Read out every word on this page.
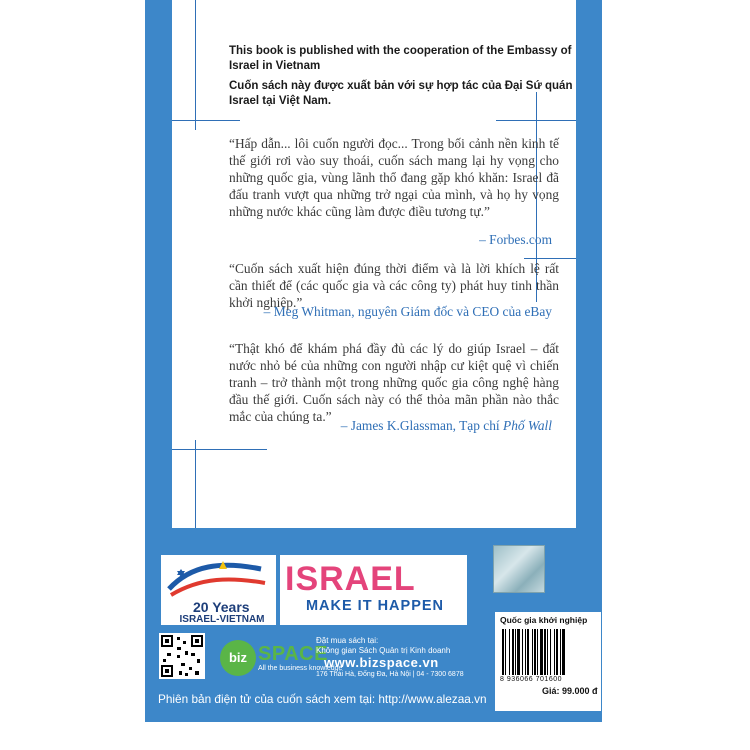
This book is published with the cooperation of the Embassy of Israel in Vietnam
Cuốn sách này được xuất bản với sự hợp tác của Đại Sứ quán Israel tại Việt Nam.

“Hấp dẫn... lôi cuốn người đọc... Trong bối cảnh nền kinh tế thế giới rơi vào suy thoái, cuốn sách mang lại hy vọng cho những quốc gia, vùng lãnh thổ đang gặp khó khăn: Israel đã đấu tranh vượt qua những trở ngại của mình, và họ hy vọng những nước khác cũng làm được điều tương tự.”

– Forbes.com

“Cuốn sách xuất hiện đúng thời điểm và là lời khích lệ rất cần thiết để (các quốc gia và các công ty) phát huy tinh thần khởi nghiệp.”

– Meg Whitman, nguyên Giám đốc và CEO của eBay

“Thật khó để khám phá đầy đủ các lý do giúp Israel – đất nước nhỏ bé của những con người nhập cư kiệt quệ vì chiến tranh – trở thành một trong những quốc gia công nghệ hàng đầu thế giới. Cuốn sách này có thể thỏa mãn phần nào thắc mắc của chúng ta.”

– James K.Glassman, Tạp chí Phố Wall
20 Years
ISRAEL-VIETNAM
ISRAEL
MAKE IT HAPPEN
biz SPACE
All the business knowledge
Đặt mua sách tại:
Không gian Sách Quản trị Kinh doanh
www.bizspace.vn
176 Thái Hà, Đống Đa, Hà Nội | 04 - 7300 6878
Quốc gia khởi nghiệp
8 936066 701600
Giá: 99.000 đ
Phiên bản điện tử của cuốn sách xem tại: http://www.alezaa.vn
